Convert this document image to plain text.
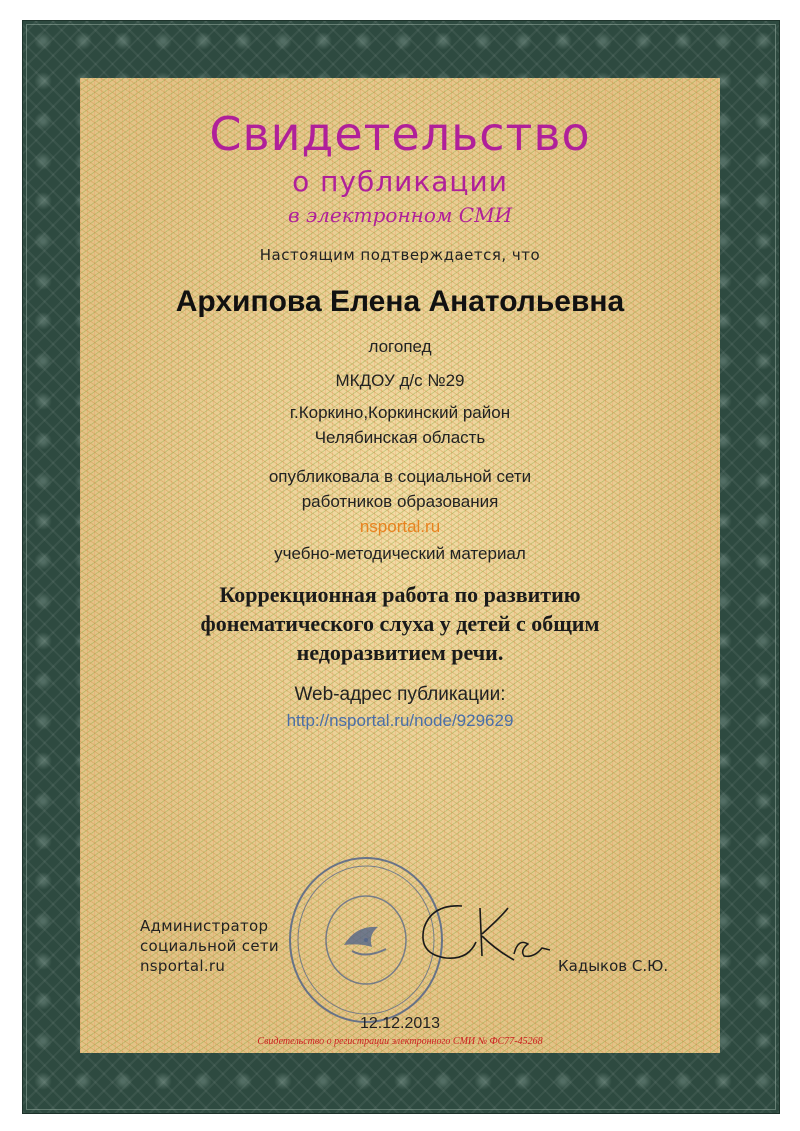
Свидетельство
о публикации
в электронном СМИ
Настоящим подтверждается, что
Архипова Елена Анатольевна
логопед
МКДОУ д/с №29
г.Коркино,Коркинский район
Челябинская область
опубликовала в социальной сети
работников образования
nsportal.ru
учебно-методический материал
Коррекционная работа по развитию
фонематического слуха у детей с общим
недоразвитием речи.
Web-адрес публикации:
http://nsportal.ru/node/929629
Администратор
социальной сети
nsportal.ru	Кадыков С.Ю.
12.12.2013
Свидетельство о регистрации электронного СМИ № ФС77-45268
